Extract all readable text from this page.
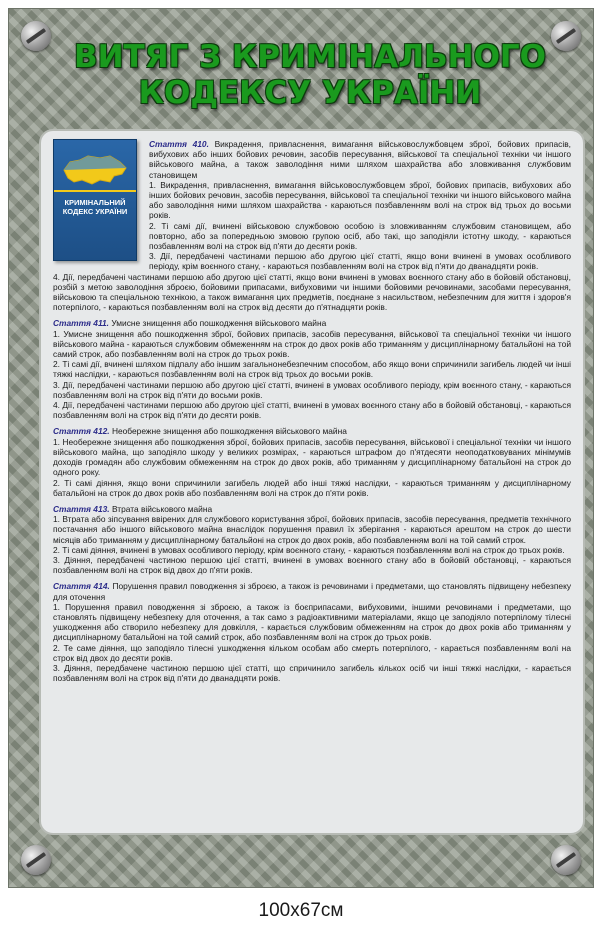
ВИТЯГ З КРИМІНАЛЬНОГО
КОДЕКСУ УКРАЇНИ
КРИМІНАЛЬНИЙ КОДЕКС УКРАЇНИ

Стаття 410. Викрадення, привласнення, вимагання військовослужбовцем зброї, бойових припасів, вибухових або інших бойових речовин, засобів пересування, військової та спеціальної техніки чи іншого військового майна, а також заволодіння ними шляхом шахрайства або зловживання службовим становищем

1. Викрадення, привласнення, вимагання військовослужбовцем зброї, бойових припасів, вибухових або інших бойових речовин, засобів пересування, військової та спеціальної техніки чи іншого військового майна або заволодіння ними шляхом шахрайства - караються позбавленням волі на строк від трьох до восьми років.

2. Ті самі дії, вчинені військовою службовою особою із зловживанням службовим становищем, або повторно, або за попередньою змовою групою осіб, або такі, що заподіяли істотну шкоду, - караються позбавленням волі на строк від п'яти до десяти років.

3. Дії, передбачені частинами першою або другою цієї статті, якщо вони вчинені в умовах особливого періоду, крім воєнного стану, - караються позбавленням волі на строк від п'яти до дванадцяти років.

4. Дії, передбачені частинами першою або другою цієї статті, якщо вони вчинені в умовах воєнного стану або в бойовій обстановці, розбій з метою заволодіння зброєю, бойовими припасами, вибуховими чи іншими бойовими речовинами, засобами пересування, військовою та спеціальною технікою, а також вимагання цих предметів, поєднане з насильством, небезпечним для життя і здоров'я потерпілого, - караються позбавленням волі на строк від десяти до п'ятнадцяти років.

Стаття 411. Умисне знищення або пошкодження військового майна

1. Умисне знищення або пошкодження зброї, бойових припасів, засобів пересування, військової та спеціальної техніки чи іншого військового майна - караються службовим обмеженням на строк до двох років або триманням у дисциплінарному батальйоні на той самий строк, або позбавленням волі на строк до трьох років.

2. Ті самі дії, вчинені шляхом підпалу або іншим загальнонебезпечним способом, або якщо вони спричинили загибель людей чи інші тяжкі наслідки, - караються позбавленням волі на строк від трьох до восьми років.

3. Дії, передбачені частинами першою або другою цієї статті, вчинені в умовах особливого періоду, крім воєнного стану, - караються позбавленням волі на строк від п'яти до восьми років.

4. Дії, передбачені частинами першою або другою цієї статті, вчинені в умовах воєнного стану або в бойовій обстановці, - караються позбавленням волі на строк від п'яти до десяти років.

Стаття 412. Необережне знищення або пошкодження військового майна

1. Необережне знищення або пошкодження зброї, бойових припасів, засобів пересування, військової і спеціальної техніки чи іншого військового майна, що заподіяло шкоду у великих розмірах, - караються штрафом до п'ятдесяти неоподатковуваних мінімумів доходів громадян або службовим обмеженням на строк до двох років, або триманням у дисциплінарному батальйоні на строк до одного року.

2. Ті самі діяння, якщо вони спричинили загибель людей або інші тяжкі наслідки, - караються триманням у дисциплінарному батальйоні на строк до двох років або позбавленням волі на строк до п'яти років.

Стаття 413. Втрата військового майна

1. Втрата або зіпсування ввірених для службового користування зброї, бойових припасів, засобів пересування, предметів технічного постачання або іншого військового майна внаслідок порушення правил їх зберігання - караються арештом на строк до шести місяців або триманням у дисциплінарному батальйоні на строк до двох років, або позбавленням волі на той самий строк.

2. Ті самі діяння, вчинені в умовах особливого періоду, крім воєнного стану, - караються позбавленням волі на строк до трьох років.

3. Діяння, передбачені частиною першою цієї статті, вчинені в умовах воєнного стану або в бойовій обстановці, - караються позбавленням волі на строк від двох до п'яти років.

Стаття 414. Порушення правил поводження зі зброєю, а також із речовинами і предметами, що становлять підвищену небезпеку для оточення

1. Порушення правил поводження зі зброєю, а також із боєприпасами, вибуховими, іншими речовинами і предметами, що становлять підвищену небезпеку для оточення, а так само з радіоактивними матеріалами, якщо це заподіяло потерпілому тілесні ушкодження або створило небезпеку для довкілля, - карається службовим обмеженням на строк до двох років або триманням у дисциплінарному батальйоні на той самий строк, або позбавленням волі на строк до трьох років.

2. Те саме діяння, що заподіяло тілесні ушкодження кільком особам або смерть потерпілого, - карається позбавленням волі на строк від двох до десяти років.

3. Діяння, передбачене частиною першою цієї статті, що спричинило загибель кількох осіб чи інші тяжкі наслідки, - карається позбавленням волі на строк від п'яти до дванадцяти років.

100x67см
